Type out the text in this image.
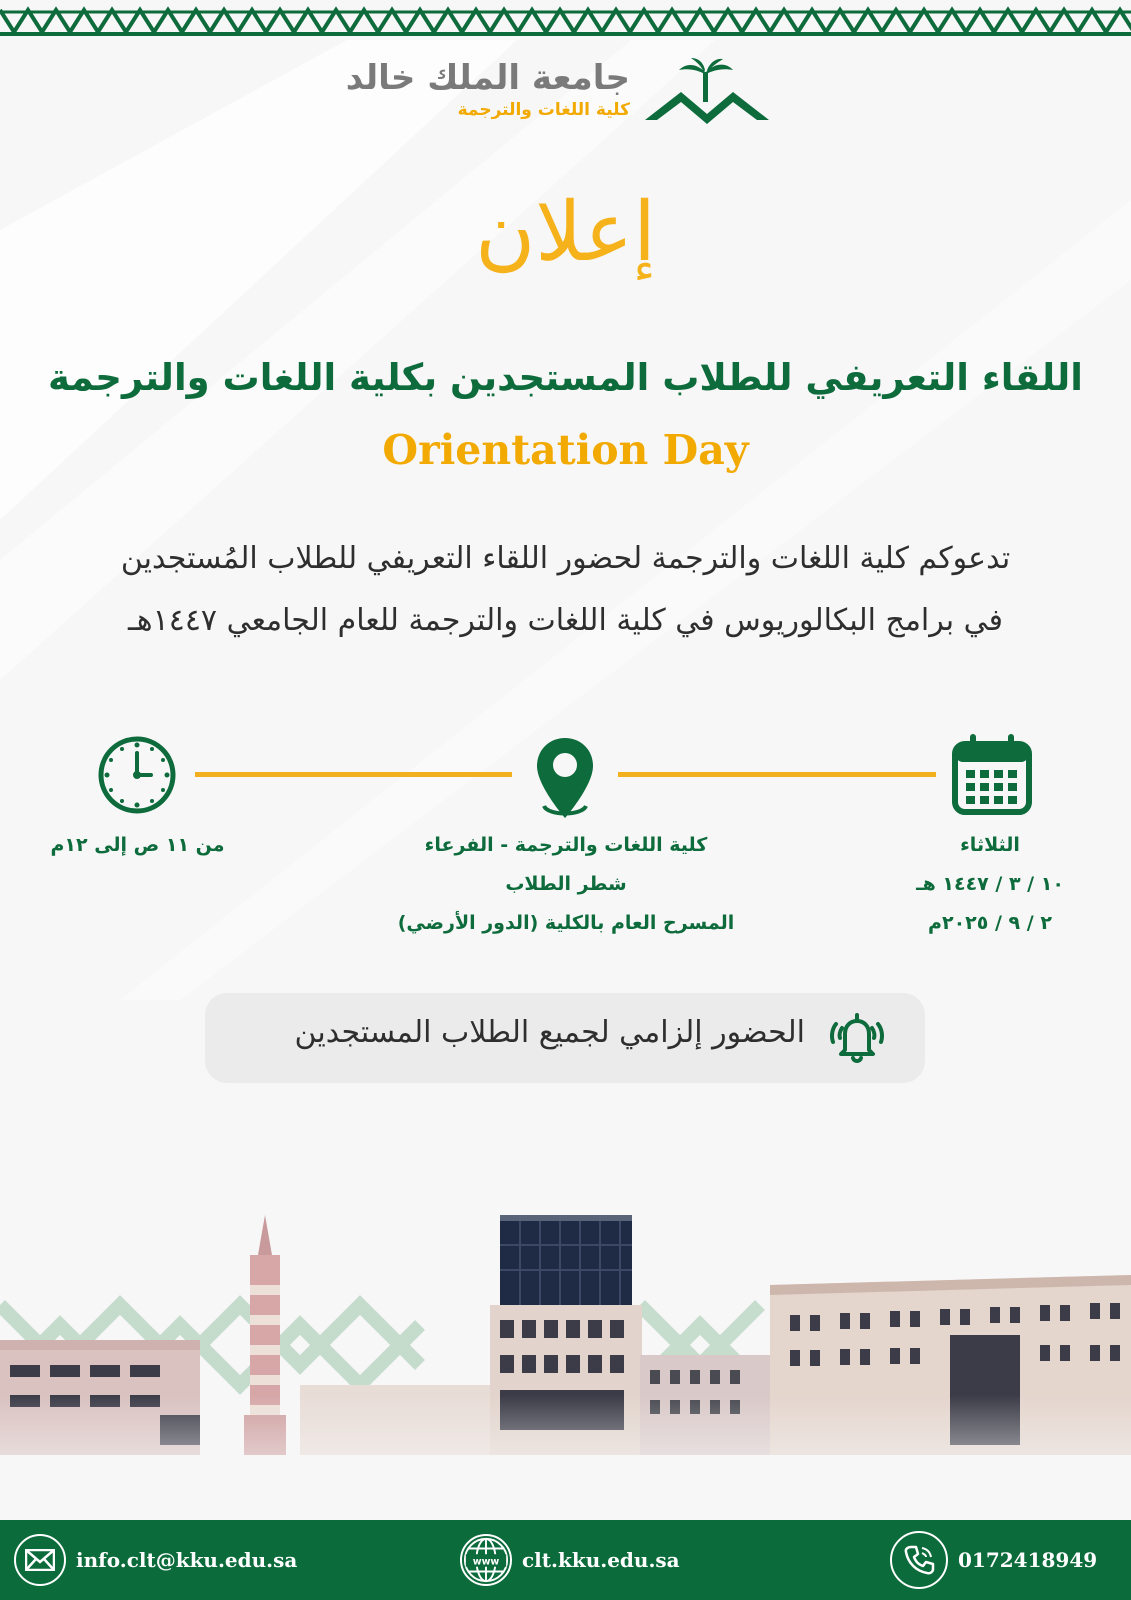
جامعة الملك خالد
كلية اللغات والترجمة
إعلان
اللقاء التعريفي للطلاب المستجدين بكلية اللغات والترجمة
Orientation Day
تدعوكم كلية اللغات والترجمة لحضور اللقاء التعريفي للطلاب المُستجدين
في برامج البكالوريوس في كلية اللغات والترجمة للعام الجامعي ١٤٤٧هـ
الثلاثاء
١٠ / ٣ / ١٤٤٧ هـ
٢ / ٩ / ٢٠٢٥م
كلية اللغات والترجمة - الفرعاء
شطر الطلاب
المسرح العام بالكلية (الدور الأرضي)
من ١١ ص إلى ١٢م
الحضور إلزامي لجميع الطلاب المستجدين
info.clt@kku.edu.sa	www clt.kku.edu.sa	0172418949
